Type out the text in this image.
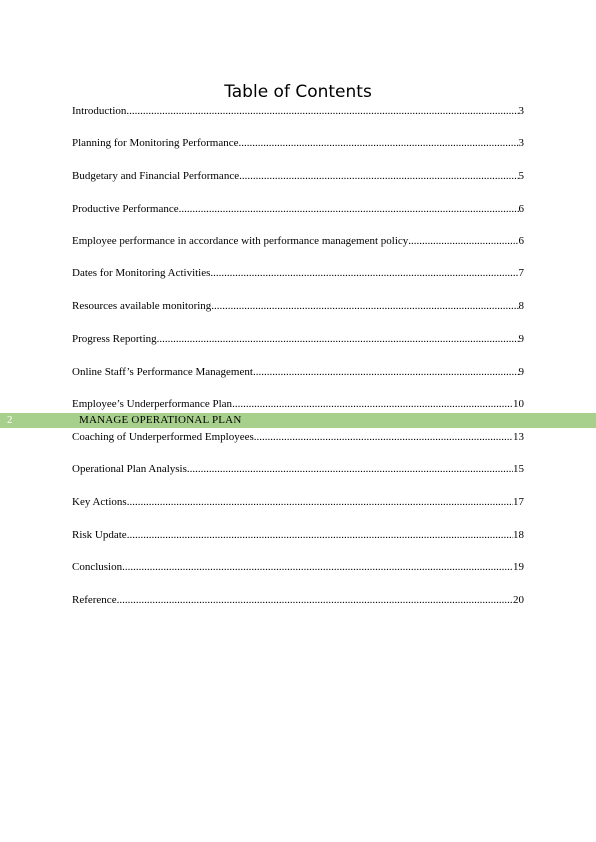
Table of Contents
Introduction .....	3
Planning for Monitoring Performance .....	3
Budgetary and Financial Performance .....	5
Productive Performance .....	6
Employee performance in accordance with performance management policy .....	6
Dates for Monitoring Activities .....	7
Resources available monitoring .....	8
Progress Reporting .....	9
Online Staff’s Performance Management .....	9
Employee’s Underperformance Plan .....	10
2	MANAGE OPERATIONAL PLAN
Coaching of Underperformed Employees .....	13
Operational Plan Analysis .....	15
Key Actions .....	17
Risk Update .....	18
Conclusion .....	19
Reference .....	20
